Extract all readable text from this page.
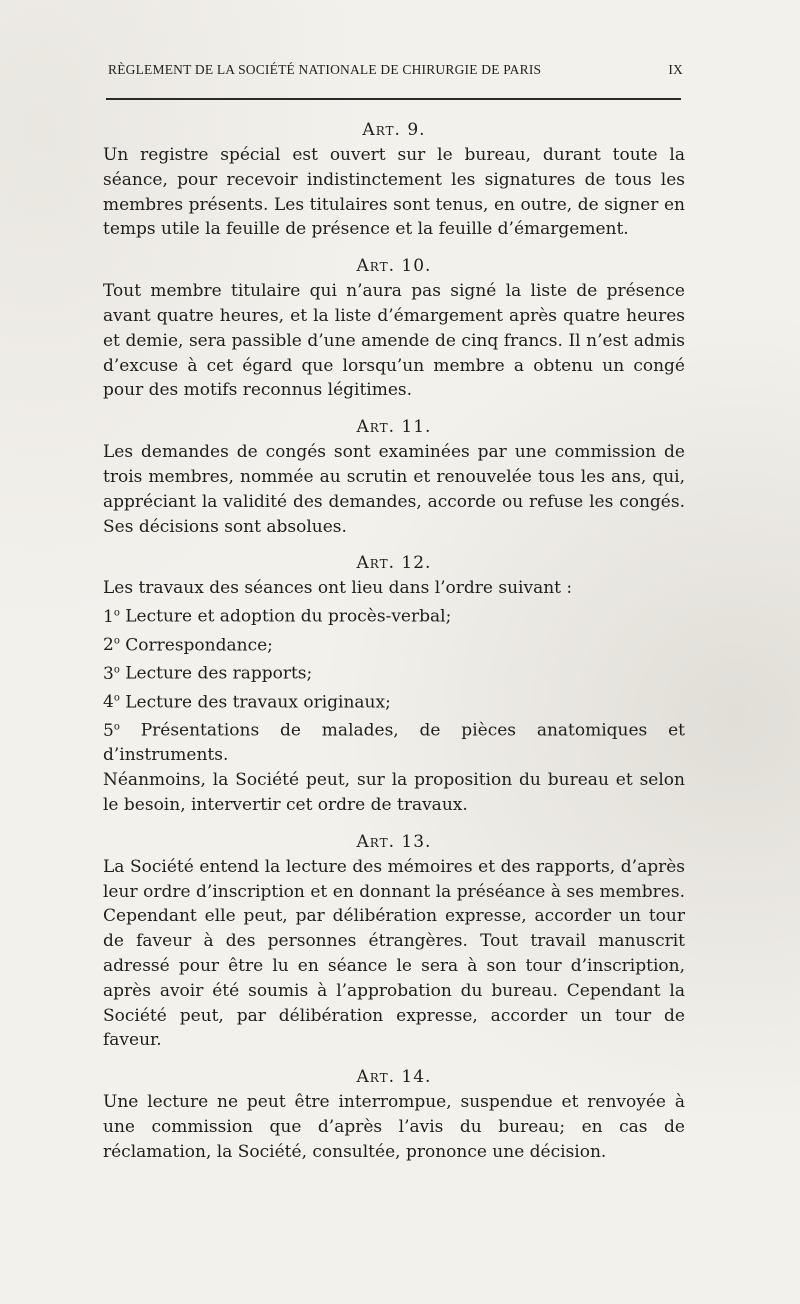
RÈGLEMENT DE LA SOCIÉTÉ NATIONALE DE CHIRURGIE DE PARIS	IX
Art. 9.

Un registre spécial est ouvert sur le bureau, durant toute la séance, pour recevoir indistinctement les signatures de tous les membres présents. Les titulaires sont tenus, en outre, de signer en temps utile la feuille de présence et la feuille d’émargement.

Art. 10.

Tout membre titulaire qui n’aura pas signé la liste de présence avant quatre heures, et la liste d’émargement après quatre heures et demie, sera passible d’une amende de cinq francs. Il n’est admis d’excuse à cet égard que lorsqu’un membre a obtenu un congé pour des motifs reconnus légitimes.

Art. 11.

Les demandes de congés sont examinées par une commission de trois membres, nommée au scrutin et renouvelée tous les ans, qui, appréciant la validité des demandes, accorde ou refuse les congés. Ses décisions sont absolues.

Art. 12.

Les travaux des séances ont lieu dans l’ordre suivant :

1$^o$ Lecture et adoption du procès-verbal;

2$^o$ Correspondance;

3$^o$ Lecture des rapports;

4$^o$ Lecture des travaux originaux;

5$^o$ Présentations de malades, de pièces anatomiques et d’instruments.

Néanmoins, la Société peut, sur la proposition du bureau et selon le besoin, intervertir cet ordre de travaux.

Art. 13.

La Société entend la lecture des mémoires et des rapports, d’après leur ordre d’inscription et en donnant la préséance à ses membres. Cependant elle peut, par délibération expresse, accorder un tour de faveur à des personnes étrangères. Tout travail manuscrit adressé pour être lu en séance le sera à son tour d’inscription, après avoir été soumis à l’approbation du bureau. Cependant la Société peut, par délibération expresse, accorder un tour de faveur.

Art. 14.

Une lecture ne peut être interrompue, suspendue et renvoyée à une commission que d’après l’avis du bureau; en cas de réclamation, la Société, consultée, prononce une décision.
